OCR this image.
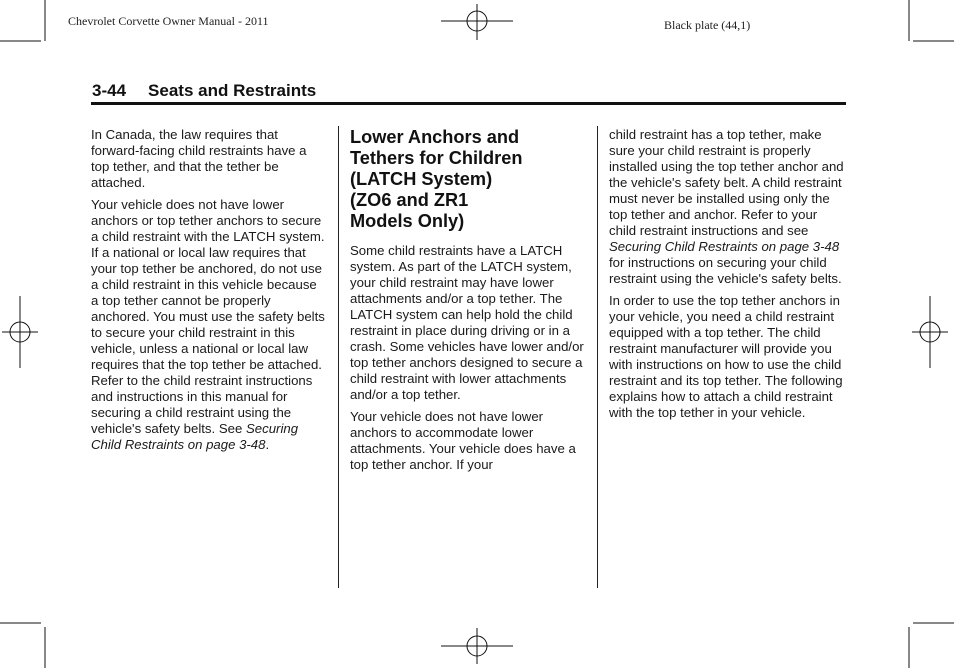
Chevrolet Corvette Owner Manual - 2011	Black plate (44,1)
3-44 Seats and Restraints

In Canada, the law requires that forward-facing child restraints have a top tether, and that the tether be attached.

Your vehicle does not have lower anchors or top tether anchors to secure a child restraint with the LATCH system. If a national or local law requires that your top tether be anchored, do not use a child restraint in this vehicle because a top tether cannot be properly anchored. You must use the safety belts to secure your child restraint in this vehicle, unless a national or local law requires that the top tether be attached. Refer to the child restraint instructions and instructions in this manual for securing a child restraint using the vehicle's safety belts. See Securing Child Restraints on page 3-48.

Lower Anchors and
Tethers for Children
(LATCH System)
(ZO6 and ZR1
Models Only)

Some child restraints have a LATCH system. As part of the LATCH system, your child restraint may have lower attachments and/or a top tether. The LATCH system can help hold the child restraint in place during driving or in a crash. Some vehicles have lower and/or top tether anchors designed to secure a child restraint with lower attachments and/or a top tether.

Your vehicle does not have lower anchors to accommodate lower attachments. Your vehicle does have a top tether anchor. If your

child restraint has a top tether, make sure your child restraint is properly installed using the top tether anchor and the vehicle's safety belt. A child restraint must never be installed using only the top tether and anchor. Refer to your child restraint instructions and see Securing Child Restraints on page 3-48 for instructions on securing your child restraint using the vehicle's safety belts.

In order to use the top tether anchors in your vehicle, you need a child restraint equipped with a top tether. The child restraint manufacturer will provide you with instructions on how to use the child restraint and its top tether. The following explains how to attach a child restraint with the top tether in your vehicle.
